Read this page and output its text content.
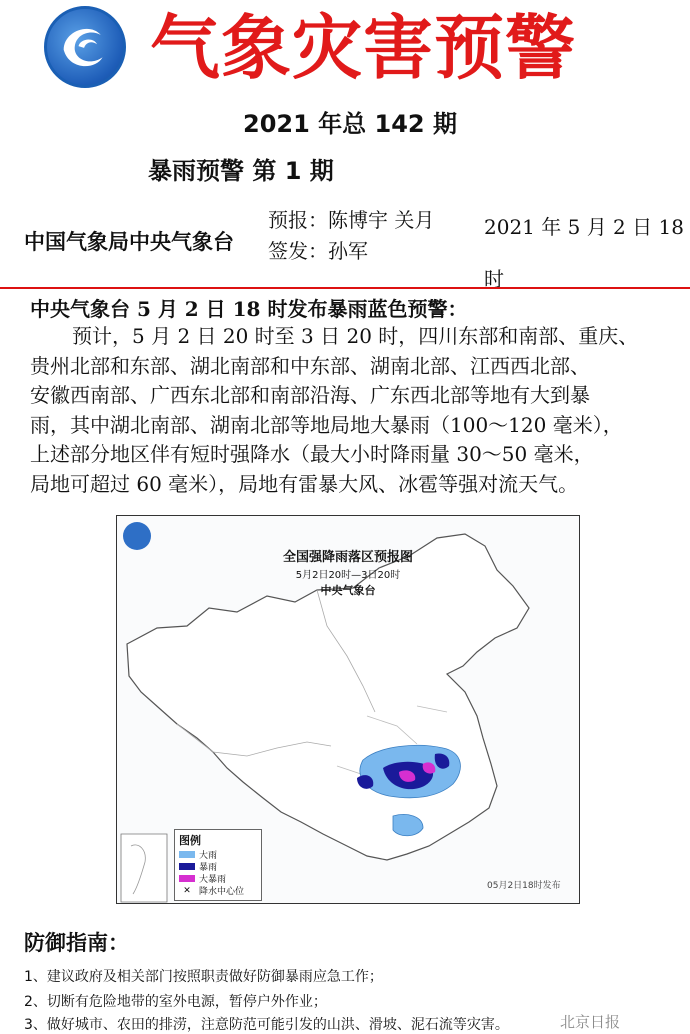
气象灾害预警
2021 年总 142 期
暴雨预警 第 1 期
中国气象局中央气象台
预报：陈博宇 关月
签发：孙军
2021 年 5 月 2 日 18
时
中央气象台 5 月 2 日 18 时发布暴雨蓝色预警：
预计，5 月 2 日 20 时至 3 日 20 时，四川东部和南部、重庆、
贵州北部和东部、湖北南部和中东部、湖南北部、江西西北部、
安徽西南部、广西东北部和南部沿海、广东西北部等地有大到暴
雨，其中湖北南部、湖南北部等地局地大暴雨（100～120 毫米），
上述部分地区伴有短时强降水（最大小时降雨量 30～50 毫米，
局地可超过 60 毫米），局地有雷暴大风、冰雹等强对流天气。
全国强降雨落区预报图
5月2日20时—3日20时
中央气象台
图例
大雨
暴雨
大暴雨
✕ 降水中心位
05月2日18时发布
防御指南：
1、建议政府及相关部门按照职责做好防御暴雨应急工作；
2、切断有危险地带的室外电源，暂停户外作业；
3、做好城市、农田的排涝，注意防范可能引发的山洪、滑坡、泥石流等灾害。	北京日报
